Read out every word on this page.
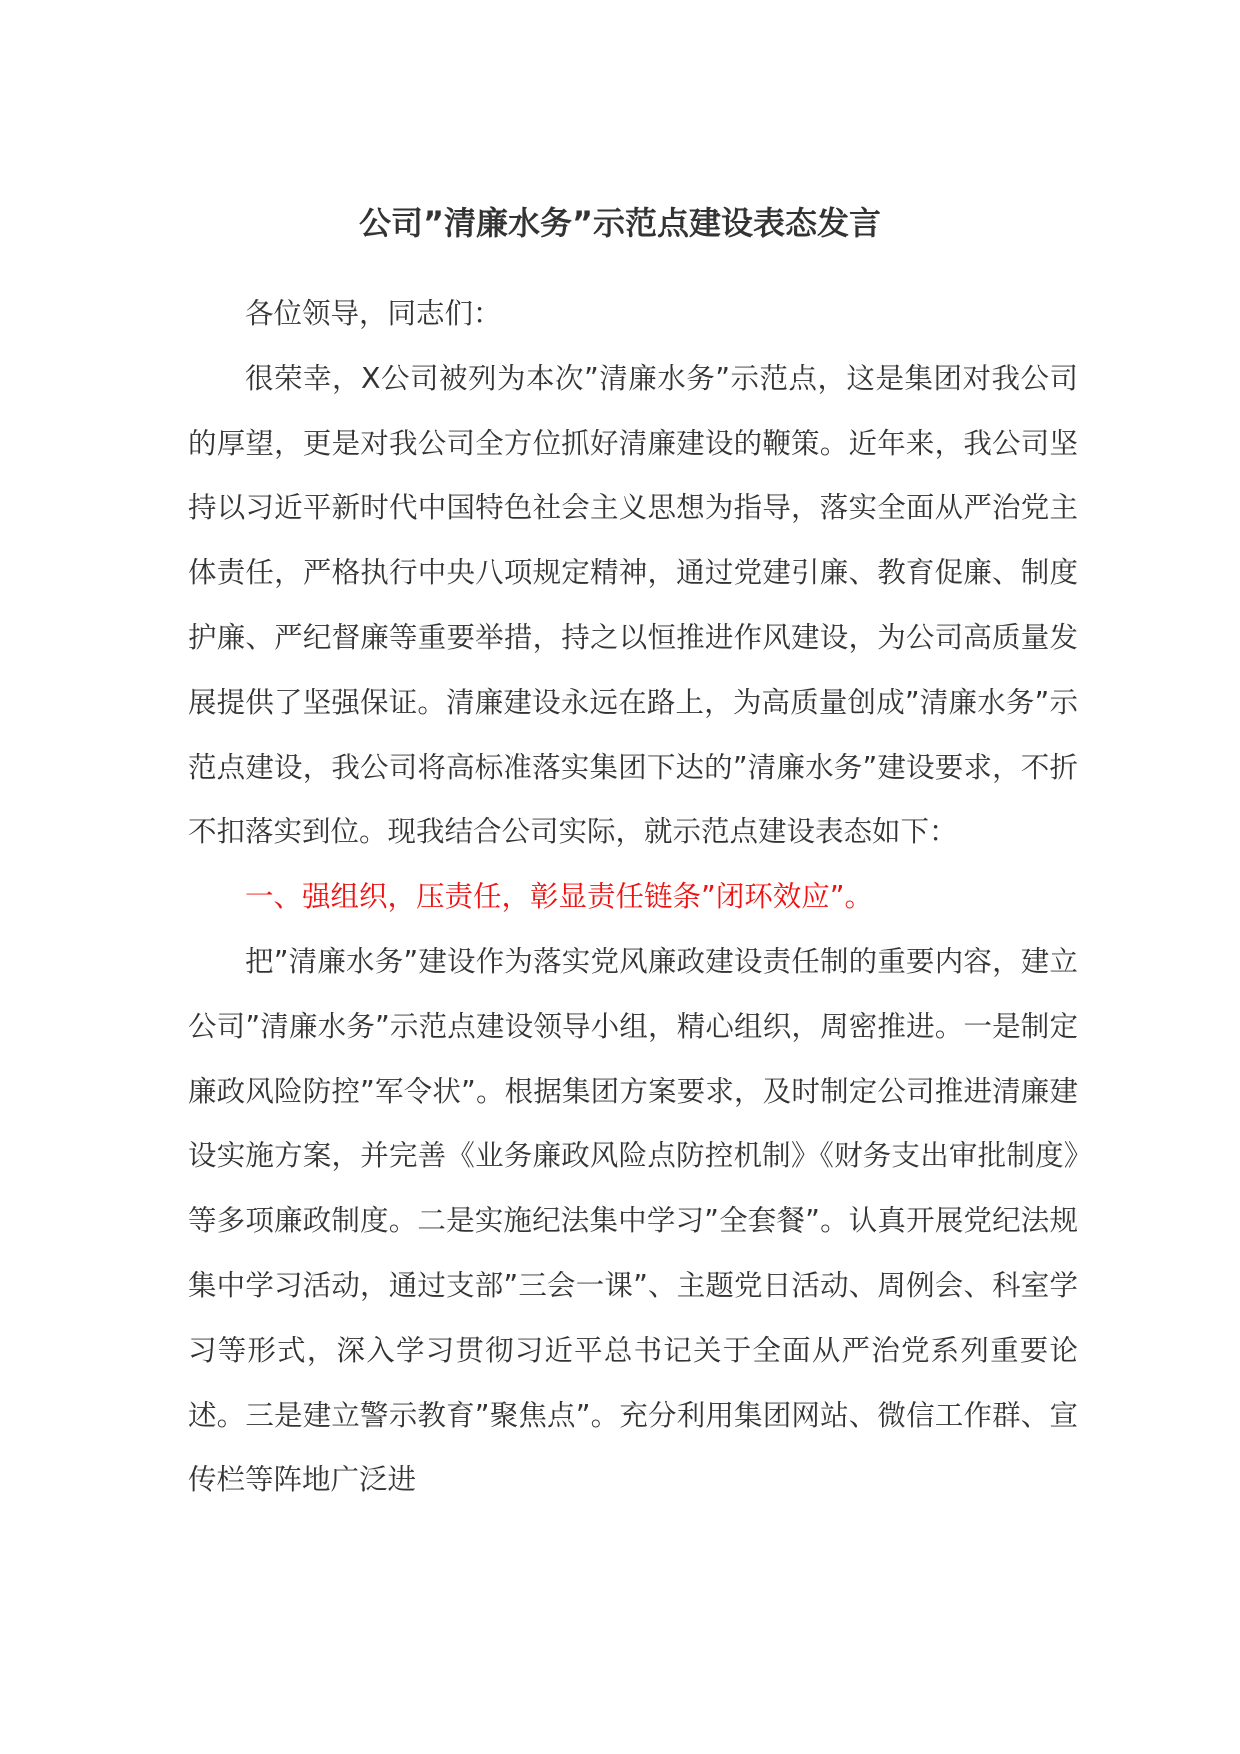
公司”清廉水务”示范点建设表态发言

各位领导，同志们：

很荣幸，X公司被列为本次”清廉水务”示范点，这是集团对我公司的厚望，更是对我公司全方位抓好清廉建设的鞭策。近年来，我公司坚持以习近平新时代中国特色社会主义思想为指导，落实全面从严治党主体责任，严格执行中央八项规定精神，通过党建引廉、教育促廉、制度护廉、严纪督廉等重要举措，持之以恒推进作风建设，为公司高质量发展提供了坚强保证。清廉建设永远在路上，为高质量创成”清廉水务”示范点建设，我公司将高标准落实集团下达的”清廉水务”建设要求，不折不扣落实到位。现我结合公司实际，就示范点建设表态如下：

一、强组织，压责任，彰显责任链条”闭环效应”。

把”清廉水务”建设作为落实党风廉政建设责任制的重要内容，建立公司”清廉水务”示范点建设领导小组，精心组织，周密推进。一是制定廉政风险防控”军令状”。根据集团方案要求，及时制定公司推进清廉建设实施方案，并完善《业务廉政风险点防控机制》《财务支出审批制度》等多项廉政制度。二是实施纪法集中学习”全套餐”。认真开展党纪法规集中学习活动，通过支部”三会一课”、主题党日活动、周例会、科室学习等形式，深入学习贯彻习近平总书记关于全面从严治党系列重要论述。三是建立警示教育”聚焦点”。充分利用集团网站、微信工作群、宣传栏等阵地广泛进
